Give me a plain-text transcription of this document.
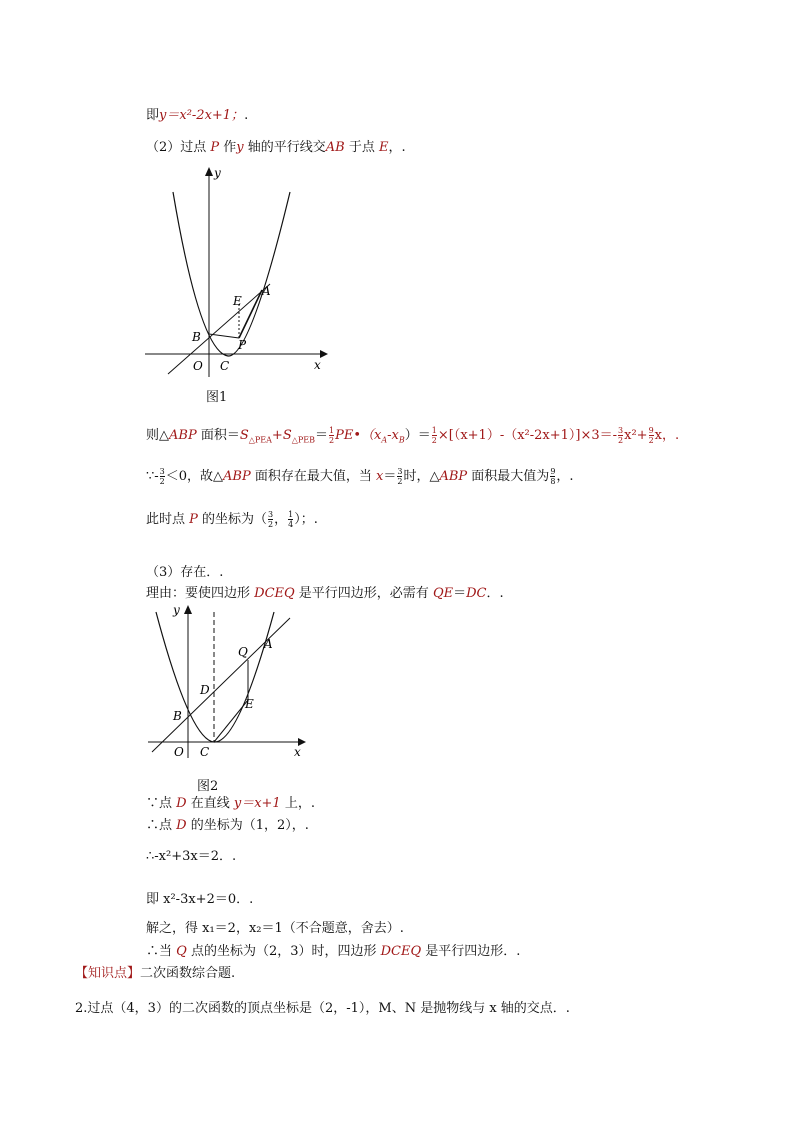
即y＝x²-2x+1；.
（2）过点 P 作y 轴的平行线交AB 于点 E，.
y
x
O C
B
E
A
P
图1
则△ABP 面积$=S_{\triangle PEA}+S_{\triangle PEB}= \frac{1}{2}$ $PE•(x_A-x_B)= \frac{1}{2} \times[(x+1)-(x^2-2x+1)]\times 3=- \frac{3}{2} x^2+ \frac{9}{2}$ x，.
∵- $\frac{3}{2} <0$，故△ABP 面积存在最大值，当 $x= \frac{3}{2}$ 时，△ABP 面积最大值为 $\frac{9}{8}$ ，.
此时点 P 的坐标为（ $\frac{3}{2}$ ， $\frac{1}{4}$ ）；.
（3）存在．.
理由：要使四边形 DCEQ 是平行四边形，必需有 QE＝DC．.
y
x
O C
B
D
Q
A
E
图2
∵点 D 在直线 y＝x+1 上，.
∴点 D 的坐标为（1，2），.
∴-x²+3x＝2．.
即 x²-3x+2＝0．.
解之，得 x₁＝2，x₂＝1（不合题意，舍去）.
∴当 Q 点的坐标为（2，3）时，四边形 DCEQ 是平行四边形．.
【知识点】二次函数综合题.
2.过点（4，3）的二次函数的顶点坐标是（2，-1），M、N 是抛物线与 x 轴的交点．.
